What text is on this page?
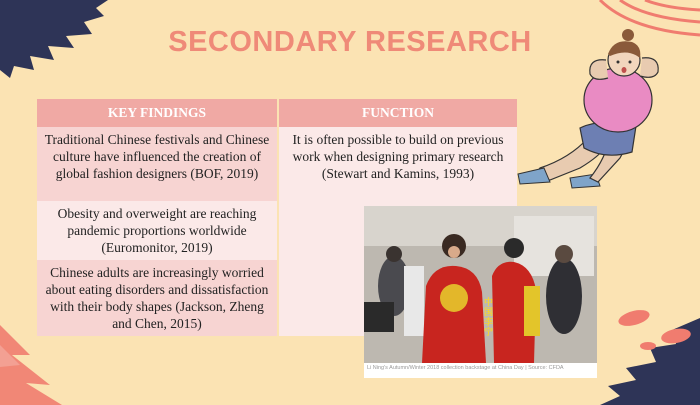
SECONDARY RESEARCH
KEY FINDINGS	FUNCTION
Traditional Chinese festivals and Chinese culture have influenced the creation of global fashion designers (BOF, 2019)	It is often possible to build on previous work when designing primary research (Stewart and Kamins, 1993)
Obesity and overweight are reaching pandemic proportions worldwide (Euromonitor, 2019)	
Chinese adults are increasingly worried about eating disorders and dissatisfaction with their body shapes (Jackson, Zheng and Chen, 2015)	
中国李宁
Li Ning's Autumn/Winter 2018 collection backstage at China Day | Source: CFDA
